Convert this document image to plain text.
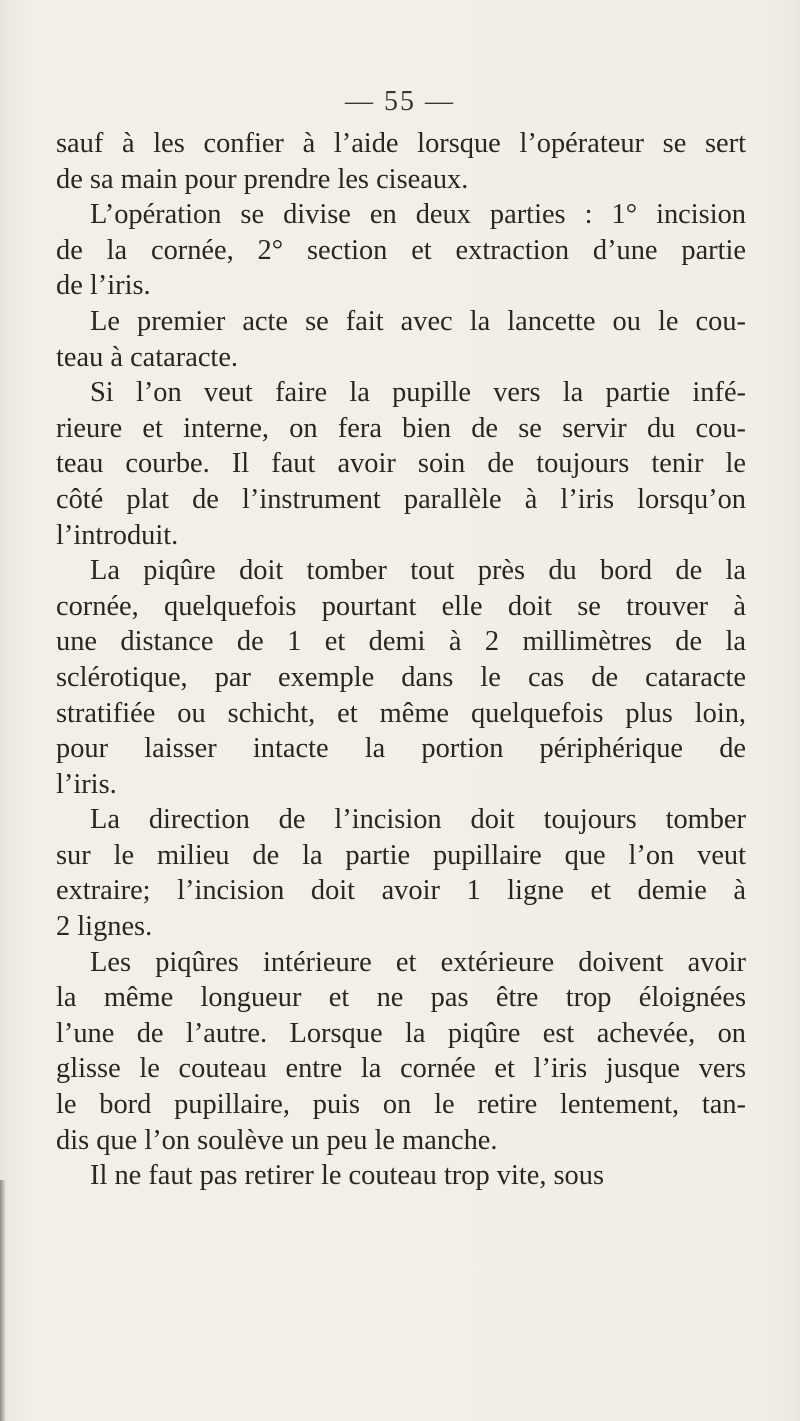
— 55 —

sauf à les confier à l’aide lorsque l’opérateur se sert
de sa main pour prendre les ciseaux.

L’opération se divise en deux parties : 1° incision
de la cornée, 2° section et extraction d’une partie
de l’iris.

Le premier acte se fait avec la lancette ou le cou-
teau à cataracte.

Si l’on veut faire la pupille vers la partie infé-
rieure et interne, on fera bien de se servir du cou-
teau courbe. Il faut avoir soin de toujours tenir le
côté plat de l’instrument parallèle à l’iris lorsqu’on
l’introduit.

La piqûre doit tomber tout près du bord de la
cornée, quelquefois pourtant elle doit se trouver à
une distance de 1 et demi à 2 millimètres de la
sclérotique, par exemple dans le cas de cataracte
stratifiée ou schicht, et même quelquefois plus loin,
pour laisser intacte la portion périphérique de
l’iris.

La direction de l’incision doit toujours tomber
sur le milieu de la partie pupillaire que l’on veut
extraire; l’incision doit avoir 1 ligne et demie à
2 lignes.

Les piqûres intérieure et extérieure doivent avoir
la même longueur et ne pas être trop éloignées
l’une de l’autre. Lorsque la piqûre est achevée, on
glisse le couteau entre la cornée et l’iris jusque vers
le bord pupillaire, puis on le retire lentement, tan-
dis que l’on soulève un peu le manche.

Il ne faut pas retirer le couteau trop vite, sous
